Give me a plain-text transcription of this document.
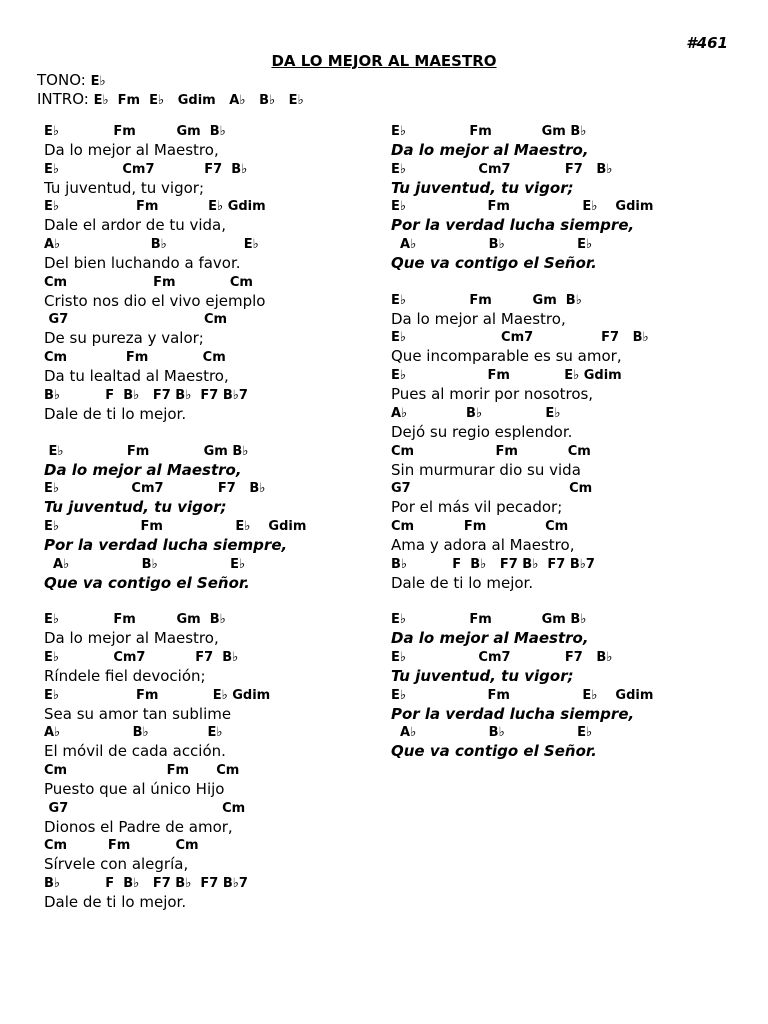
#461
DA LO MEJOR AL MAESTRO
TONO: E♭
INTRO: E♭  Fm  E♭   Gdim   A♭   B♭   E♭
E♭            Fm         Gm  B♭
Da lo mejor al Maestro,
E♭              Cm7           F7  B♭
Tu juventud, tu vigor;
E♭                 Fm           E♭ Gdim
Dale el ardor de tu vida,
A♭                    B♭                 E♭
Del bien luchando a favor.
Cm                   Fm            Cm
Cristo nos dio el vivo ejemplo
G7                              Cm
De su pureza y valor;
Cm             Fm            Cm
Da tu lealtad al Maestro,
B♭          F  B♭   F7 B♭  F7 B♭7
Dale de ti lo mejor.
E♭              Fm            Gm B♭
Da lo mejor al Maestro,
E♭                Cm7            F7   B♭
Tu juventud, tu vigor;
E♭                  Fm                E♭    Gdim
Por la verdad lucha siempre,
A♭                B♭                E♭
Que va contigo el Señor.
E♭            Fm         Gm  B♭
Da lo mejor al Maestro,
E♭            Cm7           F7  B♭
Ríndele fiel devoción;
E♭                 Fm            E♭ Gdim
Sea su amor tan sublime
A♭                B♭             E♭
El móvil de cada acción.
Cm                      Fm      Cm
Puesto que al único Hijo
G7                                  Cm
Dionos el Padre de amor,
Cm         Fm          Cm
Sírvele con alegría,
B♭          F  B♭   F7 B♭  F7 B♭7
Dale de ti lo mejor.
E♭              Fm           Gm B♭
Da lo mejor al Maestro,
E♭                Cm7            F7   B♭
Tu juventud, tu vigor;
E♭                  Fm                E♭    Gdim
Por la verdad lucha siempre,
A♭                B♭                E♭
Que va contigo el Señor.
E♭              Fm         Gm  B♭
Da lo mejor al Maestro,
E♭                     Cm7               F7   B♭
Que incomparable es su amor,
E♭                  Fm            E♭ Gdim
Pues al morir por nosotros,
A♭             B♭              E♭
Dejó su regio esplendor.
Cm                  Fm           Cm
Sin murmurar dio su vida
G7                                   Cm
Por el más vil pecador;
Cm           Fm             Cm
Ama y adora al Maestro,
B♭          F  B♭   F7 B♭  F7 B♭7
Dale de ti lo mejor.
E♭              Fm           Gm B♭
Da lo mejor al Maestro,
E♭                Cm7            F7   B♭
Tu juventud, tu vigor;
E♭                  Fm                E♭    Gdim
Por la verdad lucha siempre,
A♭                B♭                E♭
Que va contigo el Señor.
